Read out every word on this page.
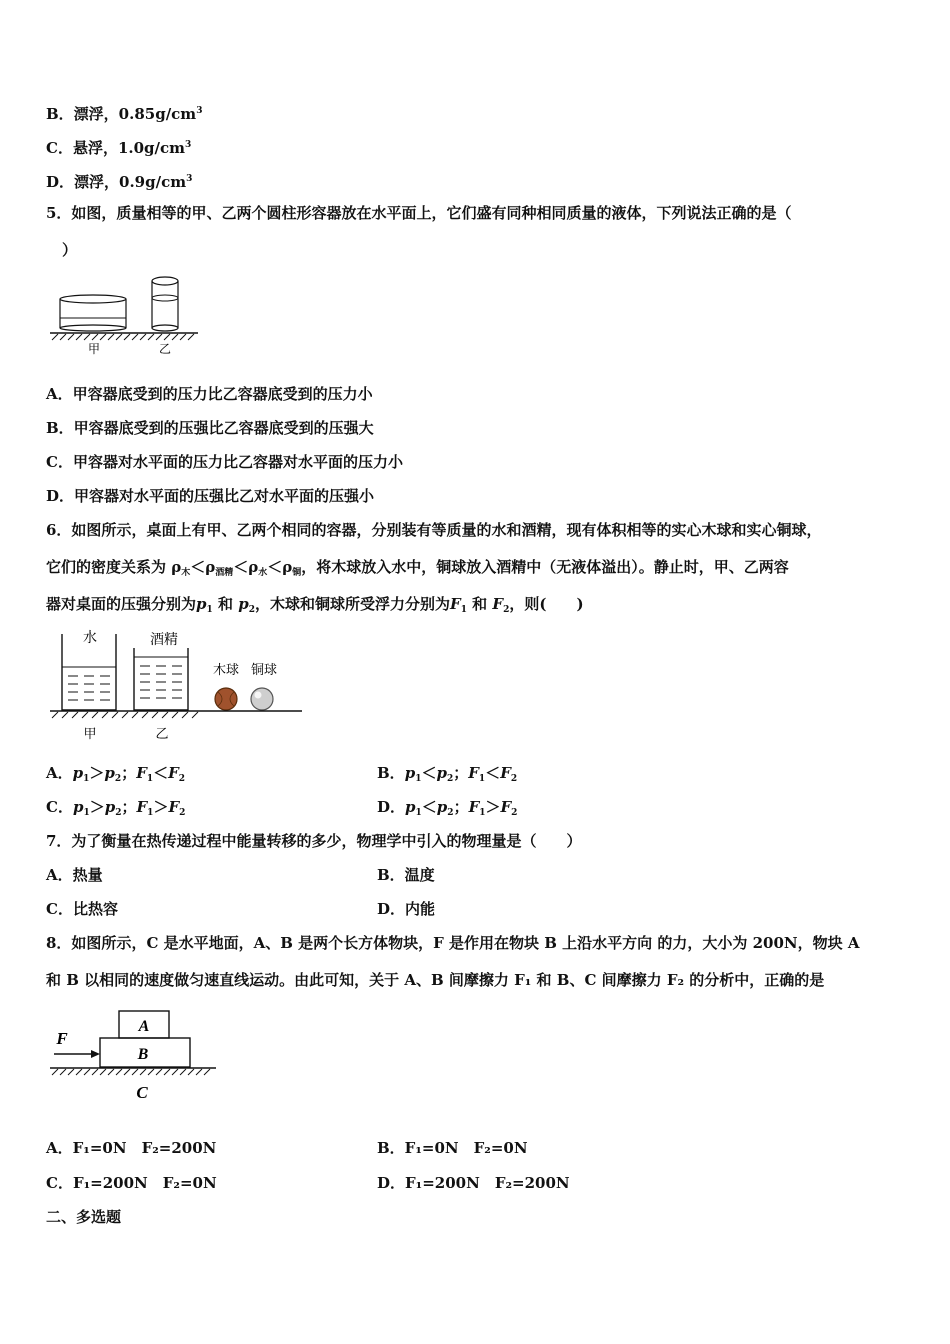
B．漂浮，$0.85g/cm^3$
C．悬浮，$1.0g/cm^3$
D．漂浮，$0.9g/cm^3$
5．如图，质量相等的甲、乙两个圆柱形容器放在水平面上，它们盛有同种相同质量的液体，下列说法正确的是（
）
甲	乙
A．甲容器底受到的压力比乙容器底受到的压力小
B．甲容器底受到的压强比乙容器底受到的压强大
C．甲容器对水平面的压力比乙容器对水平面的压力小
D．甲容器对水平面的压强比乙对水平面的压强小
6．如图所示，桌面上有甲、乙两个相同的容器，分别装有等质量的水和酒精，现有体积相等的实心木球和实心铜球，
它们的密度关系为 $\rho_木<\rho_{酒精}<\rho_水<\rho_铜$，将木球放入水中，铜球放入酒精中（无液体溢出）。静止时，甲、乙两容
器对桌面的压强分别为$p_1$ 和 $p_2$，木球和铜球所受浮力分别为$F_1$ 和 $F_2$，则(　　)
水	酒精
木球 铜球
甲	乙
A．$p_1>p_2$；$F_1<F_2$	B．$p_1<p_2$；$F_1<F_2$
C．$p_1>p_2$；$F_1>F_2$	D．$p_1<p_2$；$F_1>F_2$
7．为了衡量在热传递过程中能量转移的多少，物理学中引入的物理量是（　　）
A．热量	B．温度
C．比热容	D．内能
8．如图所示，C 是水平地面，A、B 是两个长方体物块，F 是作用在物块 B 上沿水平方向 的力，大小为 200N，物块 A
和 B 以相同的速度做匀速直线运动。由此可知，关于 A、B 间摩擦力 F₁ 和 B、C 间摩擦力 F₂ 的分析中，正确的是
A
B
F
C
A．F₁=0N　F₂=200N	B．F₁=0N　F₂=0N
C．F₁=200N　F₂=0N	D．F₁=200N　F₂=200N
二、多选题
